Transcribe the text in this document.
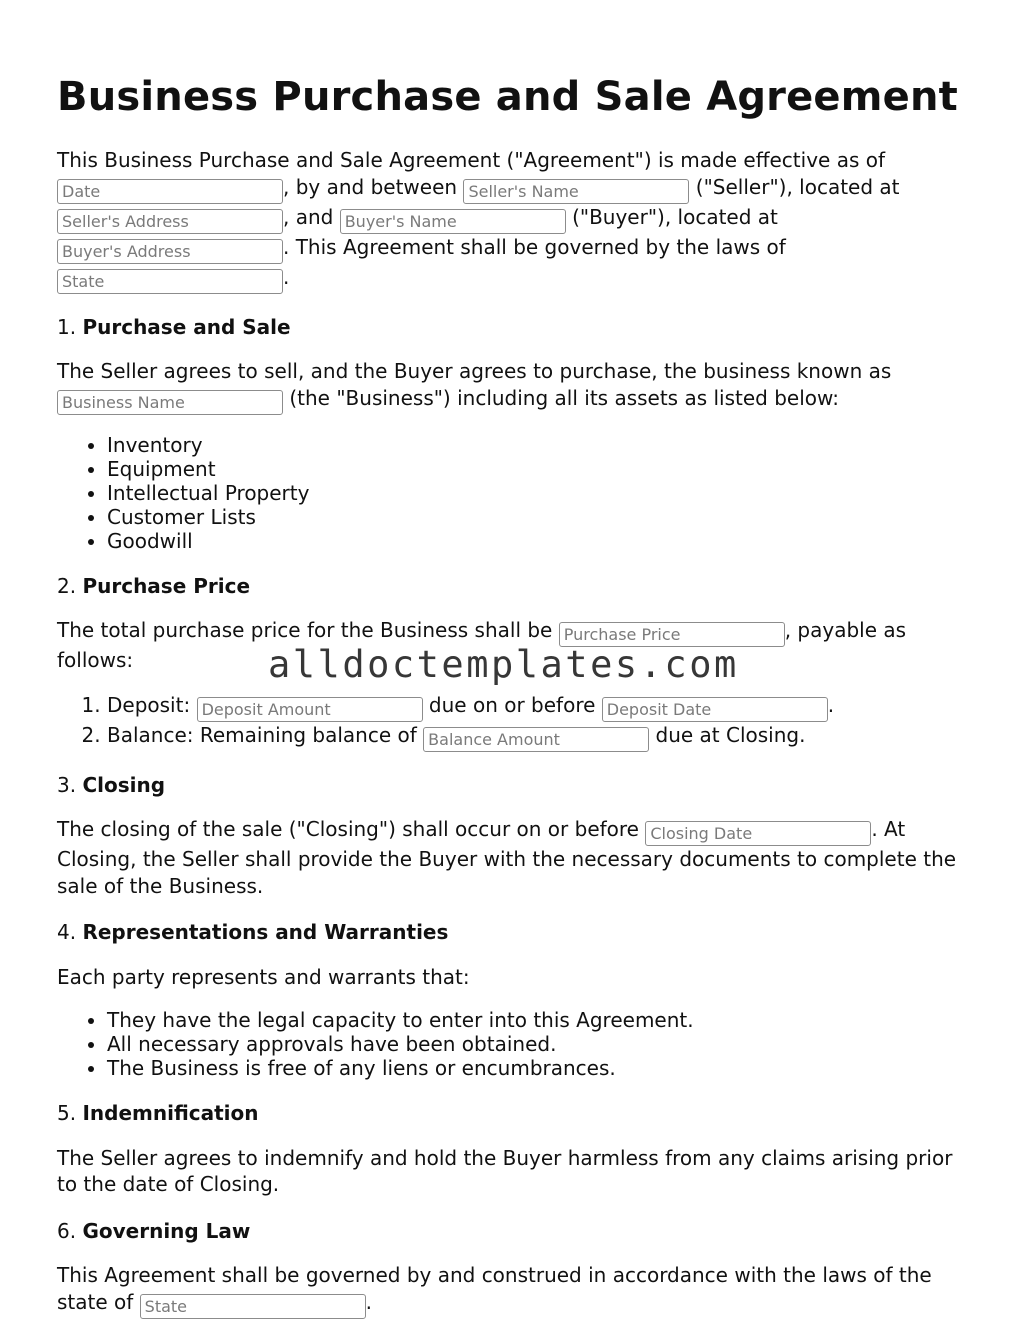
Business Purchase and Sale Agreement

This Business Purchase and Sale Agreement ("Agreement") is made effective as of
Date, by and between Seller's Name	("Seller"), located at
Seller's Address, and Buyer's Name	("Buyer"), located at
Buyer's Address. This Agreement shall be governed by the laws of
State.

1. Purchase and Sale

The Seller agrees to sell, and the Buyer agrees to purchase, the business known as
Business Name (the "Business") including all its assets as listed below:

• Inventory
• Equipment
• Intellectual Property
• Customer Lists
• Goodwill

2. Purchase Price

The total purchase price for the Business shall be Purchase Price	, payable as follows:

1. Deposit: Deposit Amount	due on or before Deposit Date	.
2. Balance: Remaining balance of Balance Amount	due at Closing.

3. Closing

The closing of the sale ("Closing") shall occur on or before Closing Date	. At Closing, the Seller shall provide the Buyer with the necessary documents to complete the sale of the Business.

4. Representations and Warranties

Each party represents and warrants that:

• They have the legal capacity to enter into this Agreement.
• All necessary approvals have been obtained.
• The Business is free of any liens or encumbrances.

5. Indemnification

The Seller agrees to indemnify and hold the Buyer harmless from any claims arising prior to the date of Closing.

6. Governing Law

This Agreement shall be governed by and construed in accordance with the laws of the state of State	.

alldoctemplates.com
